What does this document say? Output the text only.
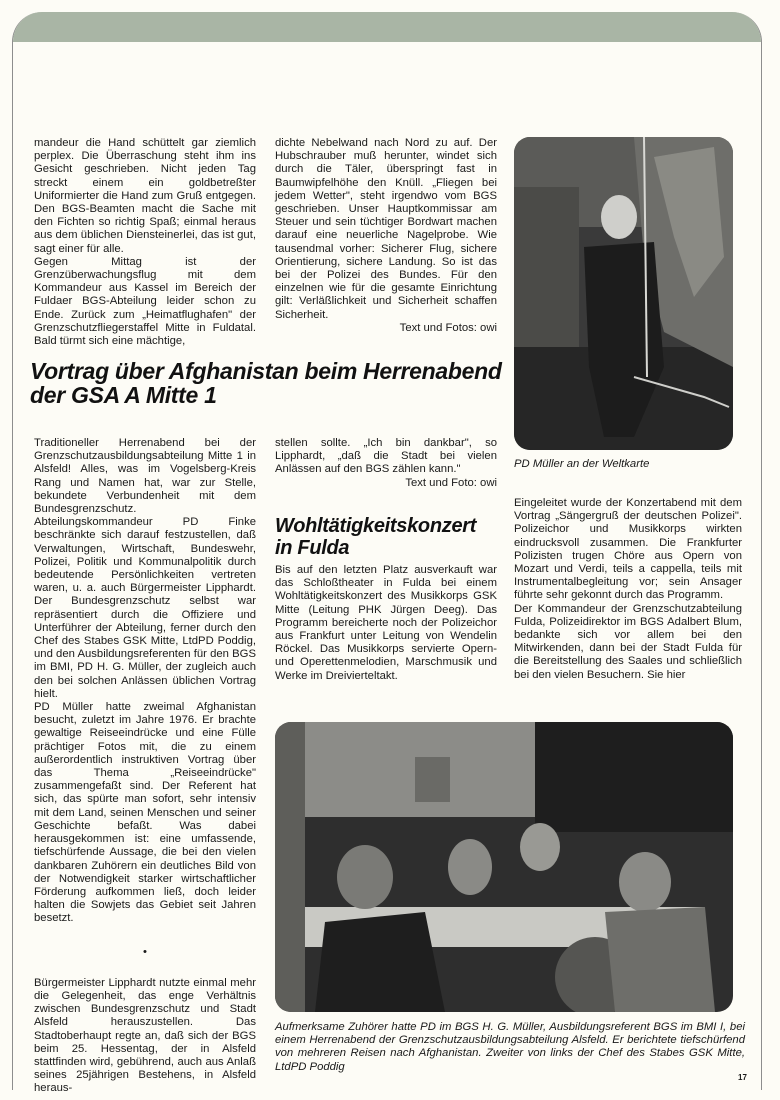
mandeur die Hand schüttelt gar ziemlich perplex. Die Überraschung steht ihm ins Gesicht geschrieben. Nicht jeden Tag streckt einem ein goldbetreßter Uniformierter die Hand zum Gruß entgegen. Den BGS-Beamten macht die Sache mit den Fichten so richtig Spaß; einmal heraus aus dem üblichen Diensteinerlei, das ist gut, sagt einer für alle.

Gegen Mittag ist der Grenzüberwachungsflug mit dem Kommandeur aus Kassel im Bereich der Fuldaer BGS-Abteilung leider schon zu Ende. Zurück zum „Heimatflughafen" der Grenzschutzfliegerstaffel Mitte in Fuldatal. Bald türmt sich eine mächtige,

dichte Nebelwand nach Nord zu auf. Der Hubschrauber muß herunter, windet sich durch die Täler, überspringt fast in Baumwipfelhöhe den Knüll. „Fliegen bei jedem Wetter", steht irgendwo vom BGS geschrieben. Unser Hauptkommissar am Steuer und sein tüchtiger Bordwart machen darauf eine neuerliche Nagelprobe. Wie tausendmal vorher: Sicherer Flug, sichere Orientierung, sichere Landung. So ist das bei der Polizei des Bundes. Für den einzelnen wie für die gesamte Einrichtung gilt: Verläßlichkeit und Sicherheit schaffen Sicherheit.

Text und Fotos: owi

PD Müller an der Weltkarte
Vortrag über Afghanistan beim Herrenabend der GSA A Mitte 1

Traditioneller Herrenabend bei der Grenzschutzausbildungsabteilung Mitte 1 in Alsfeld! Alles, was im Vogelsberg-Kreis Rang und Namen hat, war zur Stelle, bekundete Verbundenheit mit dem Bundesgrenzschutz. Abteilungskommandeur PD Finke beschränkte sich darauf festzustellen, daß Verwaltungen, Wirtschaft, Bundeswehr, Polizei, Politik und Kommunalpolitik durch bedeutende Persönlichkeiten vertreten waren, u. a. auch Bürgermeister Lipphardt. Der Bundesgrenzschutz selbst war repräsentiert durch die Offiziere und Unterführer der Abteilung, ferner durch den Chef des Stabes GSK Mitte, LtdPD Poddig, und den Ausbildungsreferenten für den BGS im BMI, PD H. G. Müller, der zugleich auch den bei solchen Anlässen üblichen Vortrag hielt.

PD Müller hatte zweimal Afghanistan besucht, zuletzt im Jahre 1976. Er brachte gewaltige Reiseeindrücke und eine Fülle prächtiger Fotos mit, die zu einem außerordentlich instruktiven Vortrag über das Thema „Reiseeindrücke" zusammengefaßt sind. Der Referent hat sich, das spürte man sofort, sehr intensiv mit dem Land, seinen Menschen und seiner Geschichte befaßt. Was dabei herausgekommen ist: eine umfassende, tiefschürfende Aussage, die bei den vielen dankbaren Zuhörern ein deutliches Bild von der Notwendigkeit starker wirtschaftlicher Förderung aufkommen ließ, doch leider halten die Sowjets das Gebiet seit Jahren besetzt.

•

Bürgermeister Lipphardt nutzte einmal mehr die Gelegenheit, das enge Verhältnis zwischen Bundesgrenzschutz und Stadt Alsfeld herauszustellen. Das Stadtoberhaupt regte an, daß sich der BGS beim 25. Hessentag, der in Alsfeld stattfinden wird, gebührend, auch aus Anlaß seines 25jährigen Bestehens, in Alsfeld heraus-

stellen sollte. „Ich bin dankbar", so Lipphardt, „daß die Stadt bei vielen Anlässen auf den BGS zählen kann."

Text und Foto: owi

Wohltätigkeitskonzert in Fulda

Bis auf den letzten Platz ausverkauft war das Schloßtheater in Fulda bei einem Wohltätigkeitskonzert des Musikkorps GSK Mitte (Leitung PHK Jürgen Deeg). Das Programm bereicherte noch der Polizeichor aus Frankfurt unter Leitung von Wendelin Röckel. Das Musikkorps servierte Opern- und Operettenmelodien, Marschmusik und Werke im Dreivierteltakt.

Eingeleitet wurde der Konzertabend mit dem Vortrag „Sängergruß der deutschen Polizei". Polizeichor und Musikkorps wirkten eindrucksvoll zusammen. Die Frankfurter Polizisten trugen Chöre aus Opern von Mozart und Verdi, teils a cappella, teils mit Instrumentalbegleitung vor; sein Ansager führte sehr gekonnt durch das Programm.

Der Kommandeur der Grenzschutzabteilung Fulda, Polizeidirektor im BGS Adalbert Blum, bedankte sich vor allem bei den Mitwirkenden, dann bei der Stadt Fulda für die Bereitstellung des Saales und schließlich bei den vielen Besuchern. Sie hier

Aufmerksame Zuhörer hatte PD im BGS H. G. Müller, Ausbildungsreferent BGS im BMI I, bei einem Herrenabend der Grenzschutzausbildungsabteilung Alsfeld. Er berichtete tiefschürfend von mehreren Reisen nach Afghanistan. Zweiter von links der Chef des Stabes GSK Mitte, LtdPD Poddig
17
